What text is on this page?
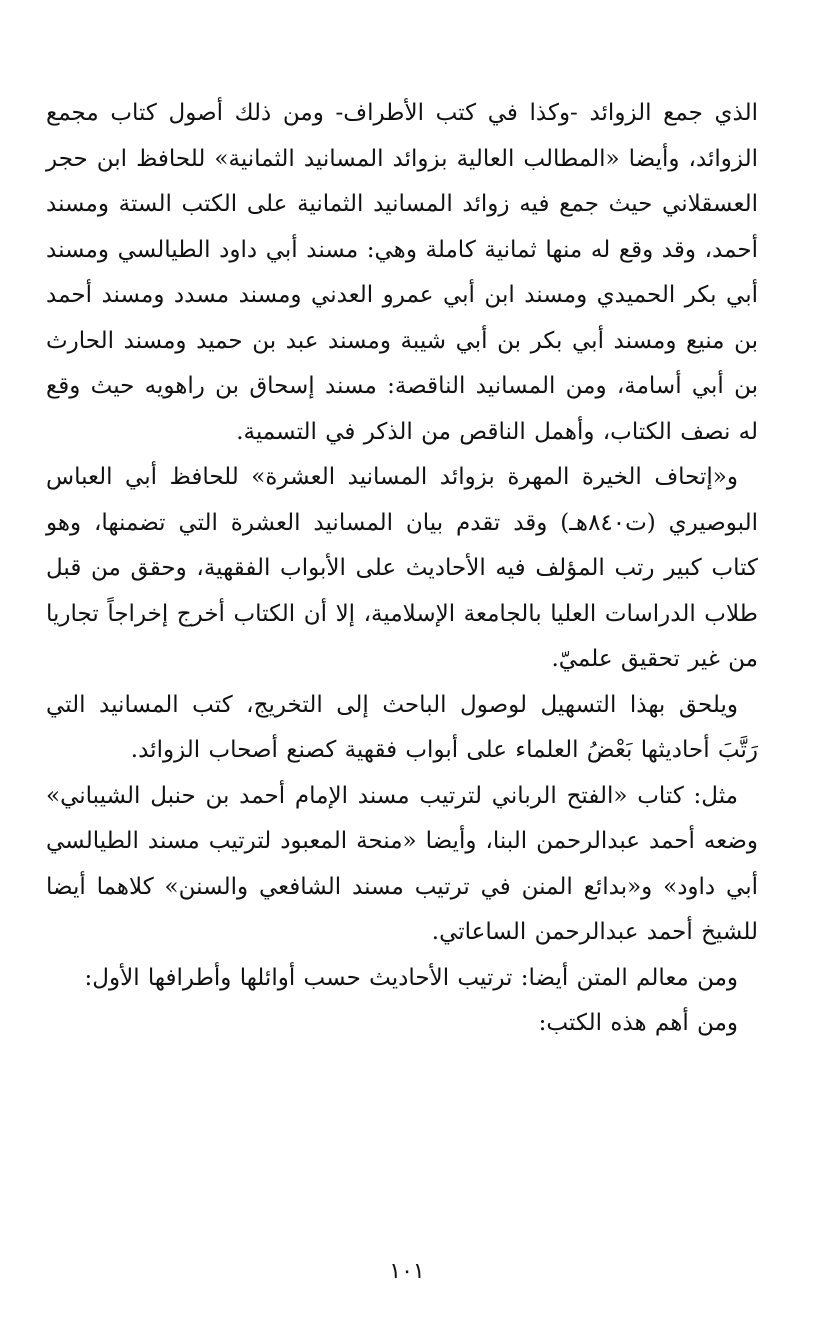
الذي جمع الزوائد -وكذا في كتب الأطراف- ومن ذلك أصول كتاب مجمع الزوائد، وأيضا «المطالب العالية بزوائد المسانيد الثمانية» للحافظ ابن حجر العسقلاني حيث جمع فيه زوائد المسانيد الثمانية على الكتب الستة ومسند أحمد، وقد وقع له منها ثمانية كاملة وهي: مسند أبي داود الطيالسي ومسند أبي بكر الحميدي ومسند ابن أبي عمرو العدني ومسند مسدد ومسند أحمد بن منيع ومسند أبي بكر بن أبي شيبة ومسند عبد بن حميد ومسند الحارث بن أبي أسامة، ومن المسانيد الناقصة: مسند إسحاق بن راهويه حيث وقع له نصف الكتاب، وأهمل الناقص من الذكر في التسمية.

و«إتحاف الخيرة المهرة بزوائد المسانيد العشرة» للحافظ أبي العباس البوصيري (ت٨٤٠هـ) وقد تقدم بيان المسانيد العشرة التي تضمنها، وهو كتاب كبير رتب المؤلف فيه الأحاديث على الأبواب الفقهية، وحقق من قبل طلاب الدراسات العليا بالجامعة الإسلامية، إلا أن الكتاب أخرج إخراجاً تجاريا من غير تحقيق علميّ.

ويلحق بهذا التسهيل لوصول الباحث إلى التخريج، كتب المسانيد التي رَتَّبَ أحاديثها بَعْضُ العلماء على أبواب فقهية كصنع أصحاب الزوائد.

مثل: كتاب «الفتح الرباني لترتيب مسند الإمام أحمد بن حنبل الشيباني» وضعه أحمد عبدالرحمن البنا، وأيضا «منحة المعبود لترتيب مسند الطيالسي أبي داود» و«بدائع المنن في ترتيب مسند الشافعي والسنن» كلاهما أيضا للشيخ أحمد عبدالرحمن الساعاتي.

ومن معالم المتن أيضا: ترتيب الأحاديث حسب أوائلها وأطرافها الأول:

ومن أهم هذه الكتب:

١٠١
